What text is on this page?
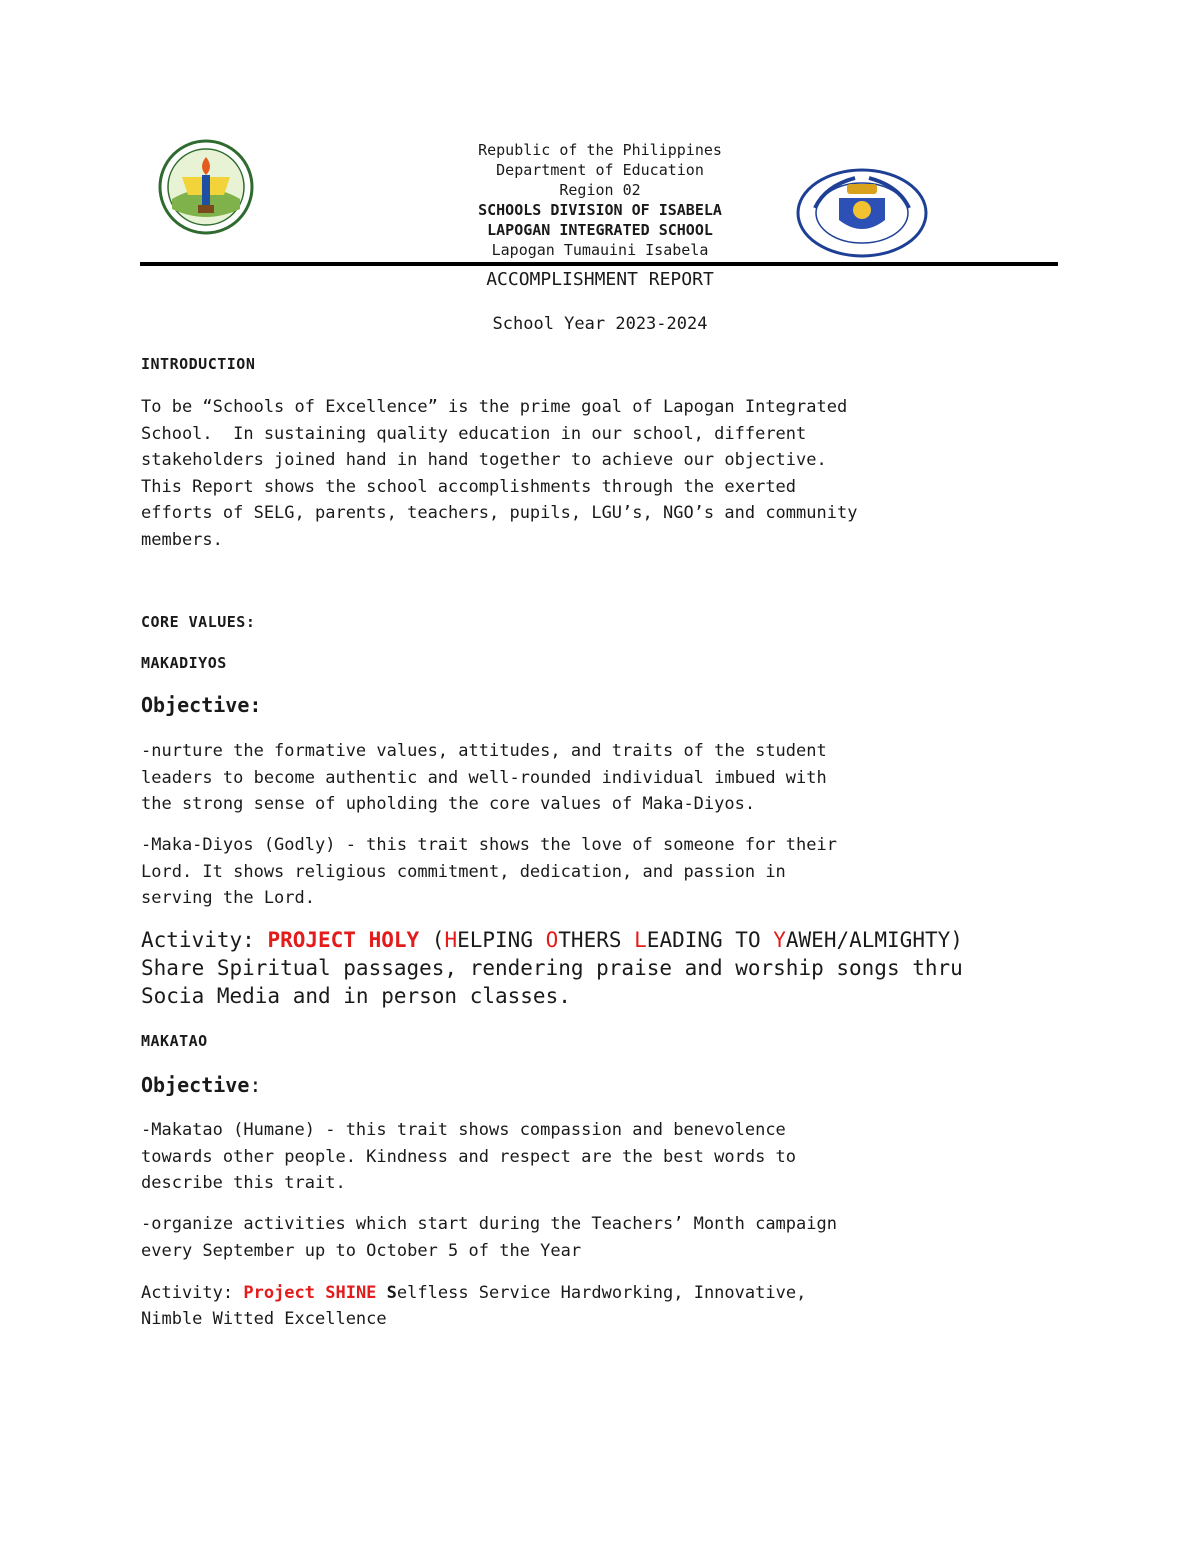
Republic of the Philippines
Department of Education
Region 02
SCHOOLS DIVISION OF ISABELA
LAPOGAN INTEGRATED SCHOOL
Lapogan Tumauini Isabela
ACCOMPLISHMENT REPORT
School Year 2023-2024
INTRODUCTION
To be “Schools of Excellence” is the prime goal of Lapogan Integrated
School.  In sustaining quality education in our school, different
stakeholders joined hand in hand together to achieve our objective.
This Report shows the school accomplishments through the exerted
efforts of SELG, parents, teachers, pupils, LGU’s, NGO’s and community
members.
CORE VALUES:
MAKADIYOS
Objective:
-nurture the formative values, attitudes, and traits of the student
leaders to become authentic and well-rounded individual imbued with
the strong sense of upholding the core values of Maka-Diyos.
-Maka-Diyos (Godly) - this trait shows the love of someone for their
Lord. It shows religious commitment, dedication, and passion in
serving the Lord.
Activity: PROJECT HOLY (HELPING OTHERS LEADING TO YAWEH/ALMIGHTY)
Share Spiritual passages, rendering praise and worship songs thru
Socia Media and in person classes.
MAKATAO
Objective:
-Makatao (Humane) - this trait shows compassion and benevolence
towards other people. Kindness and respect are the best words to
describe this trait.
-organize activities which start during the Teachers’ Month campaign
every September up to October 5 of the Year
Activity: Project SHINE Selfless Service Hardworking, Innovative,
Nimble Witted Excellence
